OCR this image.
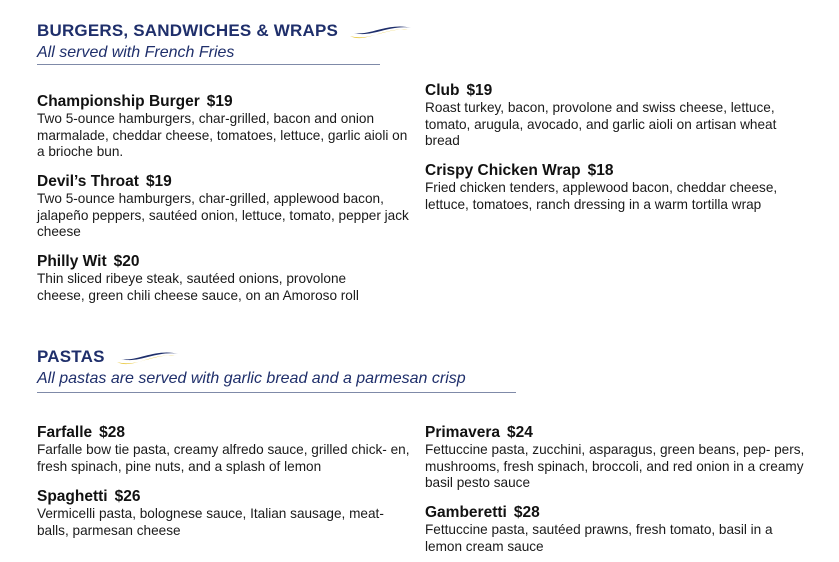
BURGERS, SANDWICHES & WRAPS
All served with French Fries
Championship Burger $19
Two 5-ounce hamburgers, char-grilled, bacon and onion marmalade, cheddar cheese, tomatoes, lettuce, garlic aioli on a brioche bun.
Devil’s Throat $19
Two 5-ounce hamburgers, char-grilled, applewood bacon, jalapeño peppers, sautéed onion, lettuce, tomato, pepper jack cheese
Philly Wit $20
Thin sliced ribeye steak, sautéed onions, provolone cheese, green chili cheese sauce, on an Amoroso roll
Club $19
Roast turkey, bacon, provolone and swiss cheese, lettuce, tomato, arugula, avocado, and garlic aioli on artisan wheat bread
Crispy Chicken Wrap $18
Fried chicken tenders, applewood bacon, cheddar cheese, lettuce, tomatoes, ranch dressing in a warm tortilla wrap
PASTAS
All pastas are served with garlic bread and a parmesan crisp
Farfalle $28
Farfalle bow tie pasta, creamy alfredo sauce, grilled chick- en, fresh spinach, pine nuts, and a splash of lemon
Spaghetti $26
Vermicelli pasta, bolognese sauce, Italian sausage, meat- balls, parmesan cheese
Primavera $24
Fettuccine pasta, zucchini, asparagus, green beans, pep- pers, mushrooms, fresh spinach, broccoli, and red onion in a creamy basil pesto sauce
Gamberetti $28
Fettuccine pasta, sautéed prawns, fresh tomato, basil in a lemon cream sauce
